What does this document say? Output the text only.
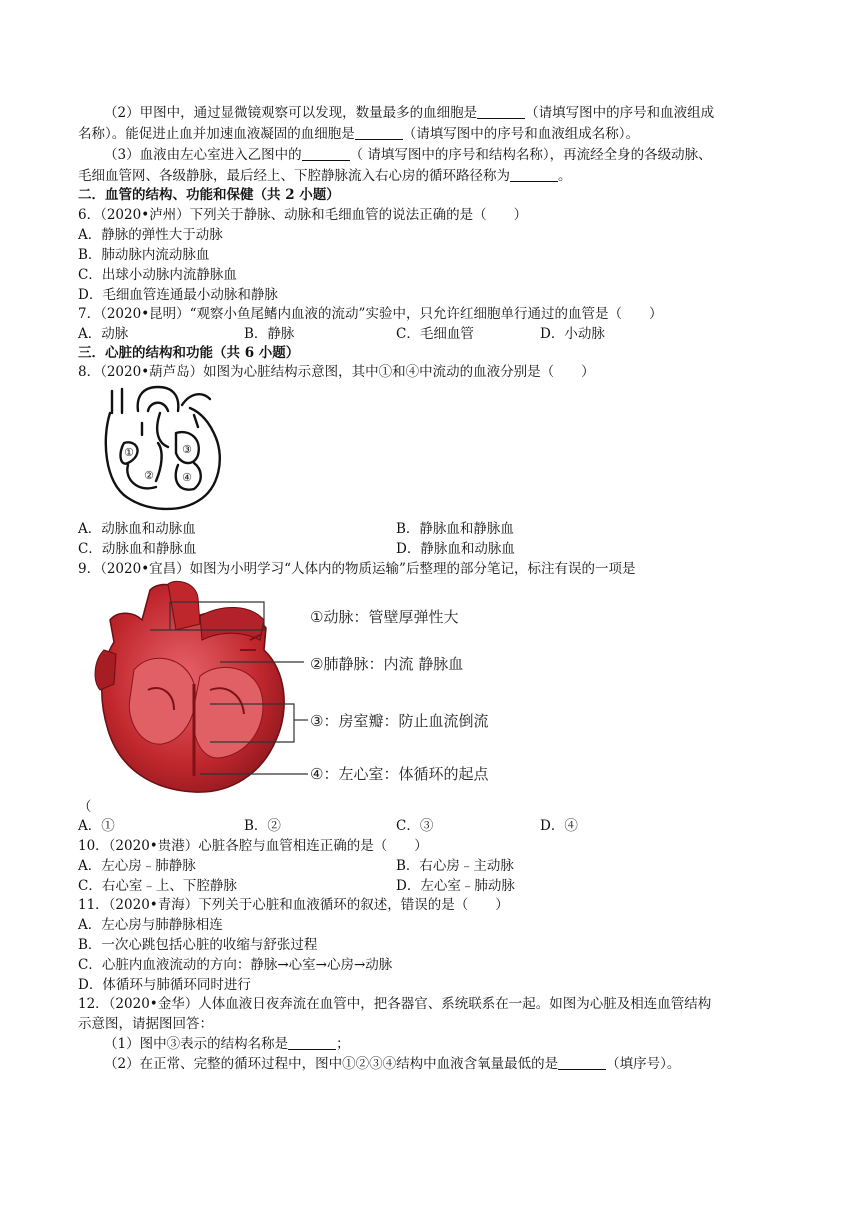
（2）甲图中，通过显微镜观察可以发现，数量最多的血细胞是	（请填写图中的序号和血液组成
名称）。能促进止血并加速血液凝固的血细胞是	（请填写图中的序号和血液组成名称）。
（3）血液由左心室进入乙图中的	（ 请填写图中的序号和结构名称），再流经全身的各级动脉、
毛细血管网、各级静脉，最后经上、下腔静脉流入右心房的循环路径称为	。
二．血管的结构、功能和保健（共 2 小题）
6．（2020•泸州）下列关于静脉、动脉和毛细血管的说法正确的是（　　）
A．静脉的弹性大于动脉
B．肺动脉内流动脉血
C．出球小动脉内流静脉血
D．毛细血管连通最小动脉和静脉
7．（2020•昆明）“观察小鱼尾鳍内血液的流动”实验中，只允许红细胞单行通过的血管是（　　）
A．动脉	B．静脉	C．毛细血管	D．小动脉
三．心脏的结构和功能（共 6 小题）
8．（2020•葫芦岛）如图为心脏结构示意图，其中①和④中流动的血液分别是（　　）
①
②
③
④
A．动脉血和动脉血	B．静脉血和静脉血
C．动脉血和静脉血	D．静脉血和动脉血
9．（2020•宜昌）如图为小明学习“人体内的物质运输”后整理的部分笔记，标注有误的一项是
①动脉：管壁厚弹性大
②肺静脉：内流 静脉血
③：房室瓣：防止血流倒流
④：左心室：体循环的起点
（
A．①	B．②	C．③	D．④
10．（2020•贵港）心脏各腔与血管相连正确的是（　　）
A．左心房﹣肺静脉	B．右心房﹣主动脉
C．右心室﹣上、下腔静脉	D．左心室﹣肺动脉
11．（2020•青海）下列关于心脏和血液循环的叙述，错误的是（　　）
A．左心房与肺静脉相连
B．一次心跳包括心脏的收缩与舒张过程
C．心脏内血液流动的方向：静脉→心室→心房→动脉
D．体循环与肺循环同时进行
12．（2020•金华）人体血液日夜奔流在血管中，把各器官、系统联系在一起。如图为心脏及相连血管结构
示意图，请据图回答：
（1）图中③表示的结构名称是	；
（2）在正常、完整的循环过程中，图中①②③④结构中血液含氧量最低的是	（填序号）。
